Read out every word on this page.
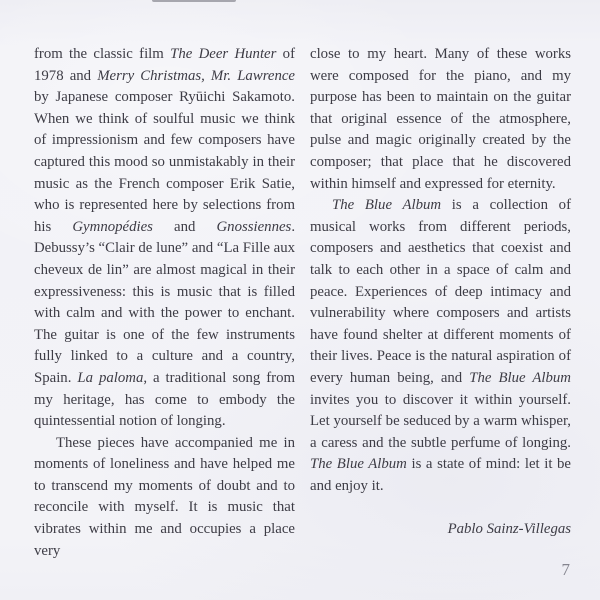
from the classic film The Deer Hunter of 1978 and Merry Christmas, Mr. Lawrence by Japanese composer Ryūichi Sakamoto. When we think of soulful music we think of impressionism and few composers have captured this mood so unmistakably in their music as the French composer Erik Satie, who is represented here by selections from his Gymnopédies and Gnossiennes. Debussy’s “Clair de lune” and “La Fille aux cheveux de lin” are almost magical in their expressiveness: this is music that is filled with calm and with the power to enchant. The guitar is one of the few instruments fully linked to a culture and a country, Spain. La paloma, a traditional song from my heritage, has come to embody the quintessential notion of longing.

These pieces have accompanied me in moments of loneliness and have helped me to transcend my moments of doubt and to reconcile with myself. It is music that vibrates within me and occupies a place very

close to my heart. Many of these works were composed for the piano, and my purpose has been to maintain on the guitar that original essence of the atmosphere, pulse and magic originally created by the composer; that place that he discovered within himself and expressed for eternity.

The Blue Album is a collection of musical works from different periods, composers and aesthetics that coexist and talk to each other in a space of calm and peace. Experiences of deep intimacy and vulnerability where composers and artists have found shelter at different moments of their lives. Peace is the natural aspiration of every human being, and The Blue Album invites you to discover it within yourself. Let yourself be seduced by a warm whisper, a caress and the subtle perfume of longing. The Blue Album is a state of mind: let it be and enjoy it.

Pablo Sainz-Villegas

7
